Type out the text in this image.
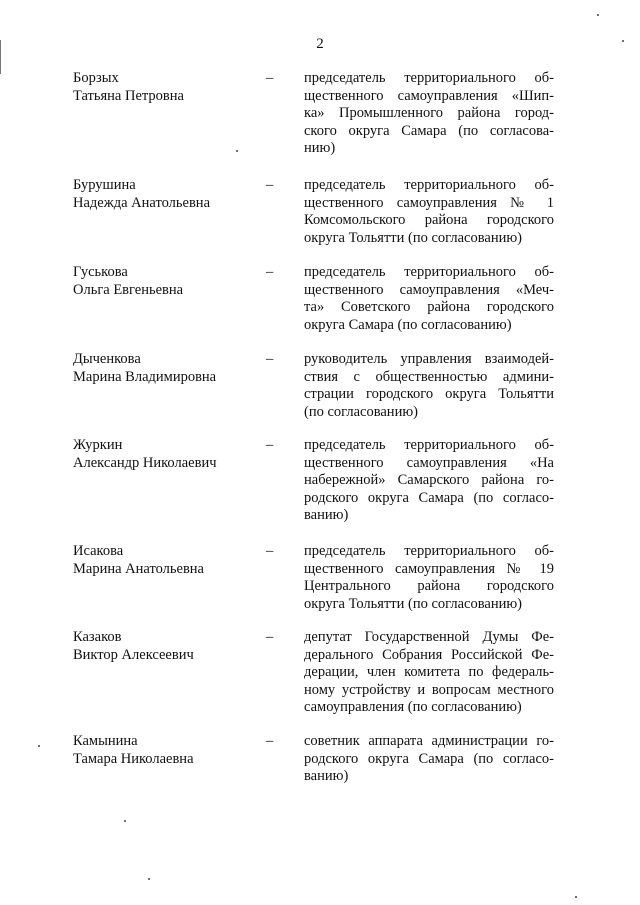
2
Борзых
Татьяна Петровна
– председатель территориального об-
щественного самоуправления «Шип-
ка» Промышленного района город-
ского округа Самара (по согласова-
нию)
Бурушина
Надежда Анатольевна
– председатель территориального об-
щественного самоуправления № 1
Комсомольского района городского
округа Тольятти (по согласованию)
Гуськова
Ольга Евгеньевна
– председатель территориального об-
щественного самоуправления «Меч-
та» Советского района городского
округа Самара (по согласованию)
Дыченкова
Марина Владимировна
– руководитель управления взаимодей-
ствия с общественностью админи-
страции городского округа Тольятти
(по согласованию)
Журкин
Александр Николаевич
– председатель территориального об-
щественного самоуправления «На
набережной» Самарского района го-
родского округа Самара (по согласо-
ванию)
Исакова
Марина Анатольевна
– председатель территориального об-
щественного самоуправления № 19
Центрального района городского
округа Тольятти (по согласованию)
Казаков
Виктор Алексеевич
– депутат Государственной Думы Фе-
дерального Собрания Российской Фе-
дерации, член комитета по федераль-
ному устройству и вопросам местного
самоуправления (по согласованию)
Камынина
Тамара Николаевна
– советник аппарата администрации го-
родского округа Самара (по согласо-
ванию)
